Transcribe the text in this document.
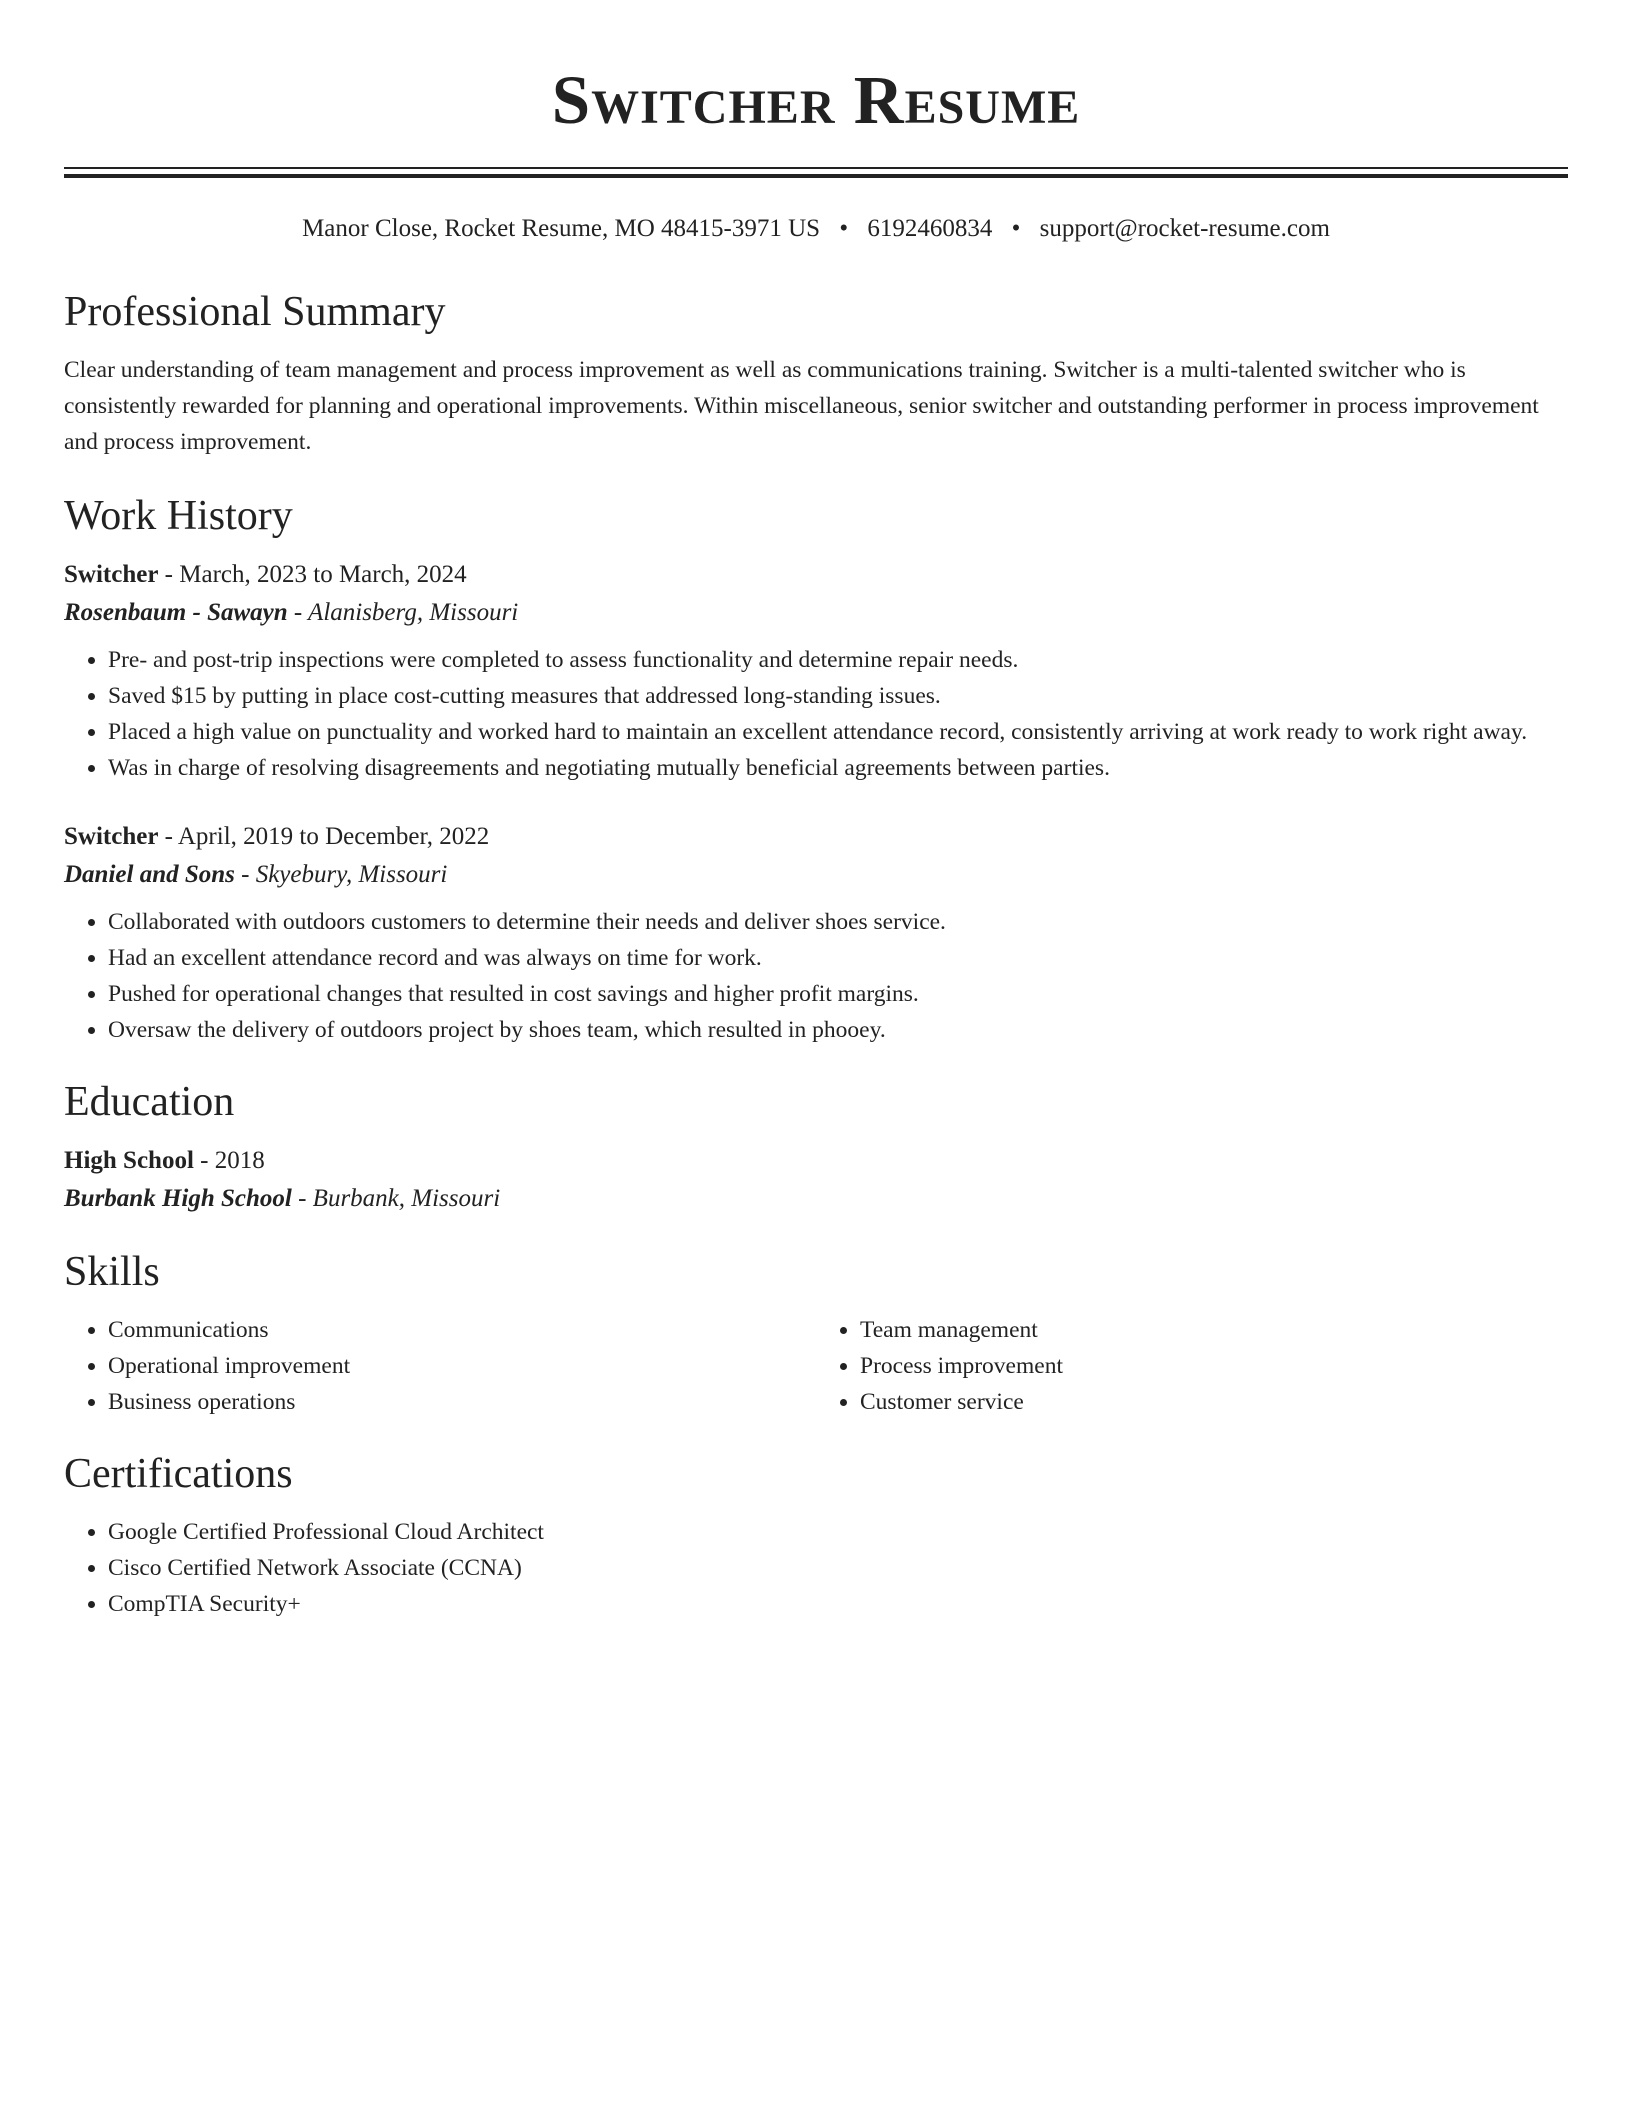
Switcher Resume
Manor Close, Rocket Resume, MO 48415-3971 US • 6192460834 • support@rocket-resume.com
Professional Summary

Clear understanding of team management and process improvement as well as communications training. Switcher is a multi-talented switcher who is consistently rewarded for planning and operational improvements. Within miscellaneous, senior switcher and outstanding performer in process improvement and process improvement.

Work History
Switcher - March, 2023 to March, 2024
Rosenbaum - Sawayn - Alanisberg, Missouri
• Pre- and post-trip inspections were completed to assess functionality and determine repair needs.
• Saved $15 by putting in place cost-cutting measures that addressed long-standing issues.
• Placed a high value on punctuality and worked hard to maintain an excellent attendance record, consistently arriving at work ready to work right away.
• Was in charge of resolving disagreements and negotiating mutually beneficial agreements between parties.
Switcher - April, 2019 to December, 2022
Daniel and Sons - Skyebury, Missouri
• Collaborated with outdoors customers to determine their needs and deliver shoes service.
• Had an excellent attendance record and was always on time for work.
• Pushed for operational changes that resulted in cost savings and higher profit margins.
• Oversaw the delivery of outdoors project by shoes team, which resulted in phooey.
Education
High School - 2018
Burbank High School - Burbank, Missouri
Skills
• Communications
• Operational improvement
• Business operations
• Team management
• Process improvement
• Customer service
Certifications
• Google Certified Professional Cloud Architect
• Cisco Certified Network Associate (CCNA)
• CompTIA Security+
